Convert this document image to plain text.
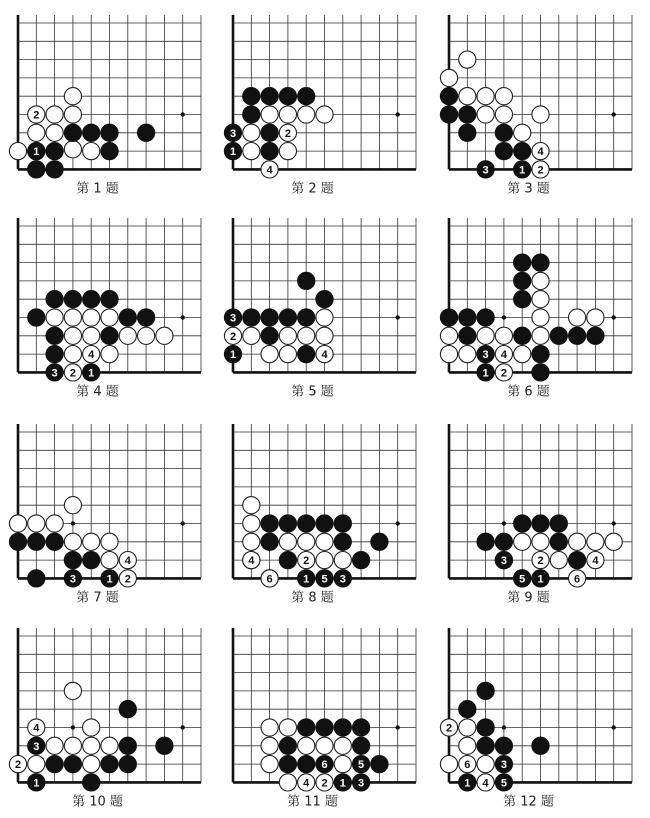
1
2
第 1 题
3
1
2
4
第 2 题
3	1
4
2
第 3 题
4
3 2 1
第 4 题
3
2
1	4
第 5 题
3 4
1 2
第 6 题
4
3	1 2
第 7 题
4	2
6	1 5 3
第 8 题
3	2	4
5 1	6
第 9 题
4
3
2
1
第 10 题
6	5
4 2 1 3
第 11 题
2
6	3
1 4 5
第 12 题
